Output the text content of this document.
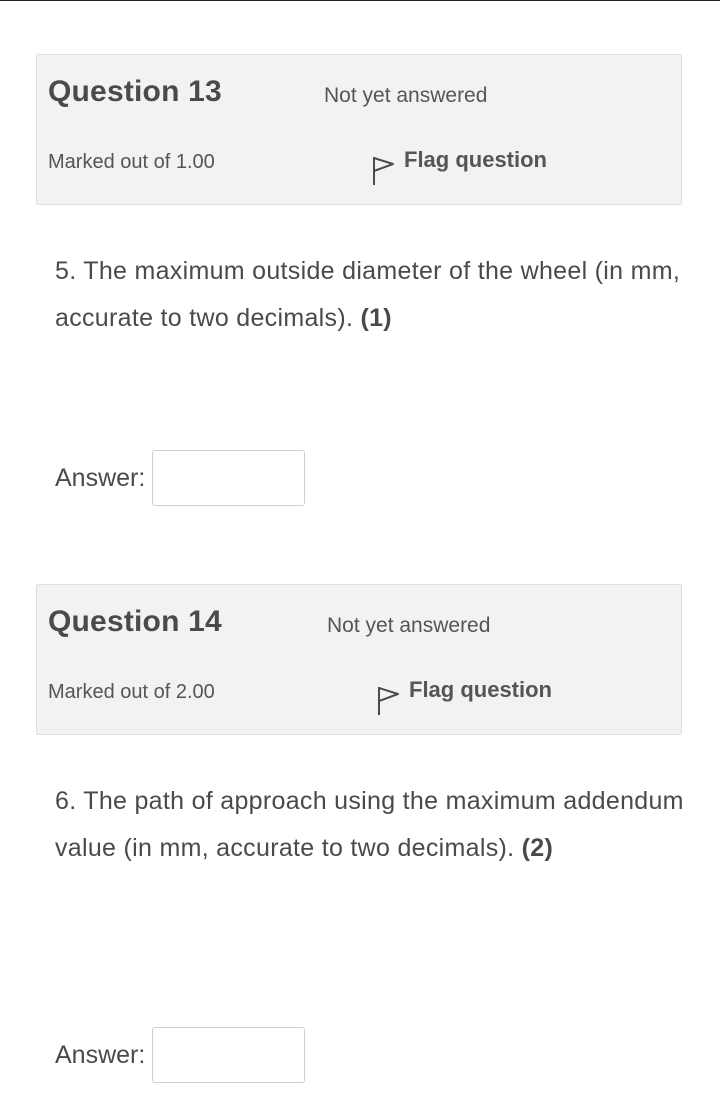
Question 13	Not yet answered
Marked out of 1.00	Flag question
5. The maximum outside diameter of the wheel (in mm, accurate to two decimals). (1)
Answer:
Question 14	Not yet answered
Marked out of 2.00	Flag question
6. The path of approach using the maximum addendum value (in mm, accurate to two decimals). (2)
Answer:
